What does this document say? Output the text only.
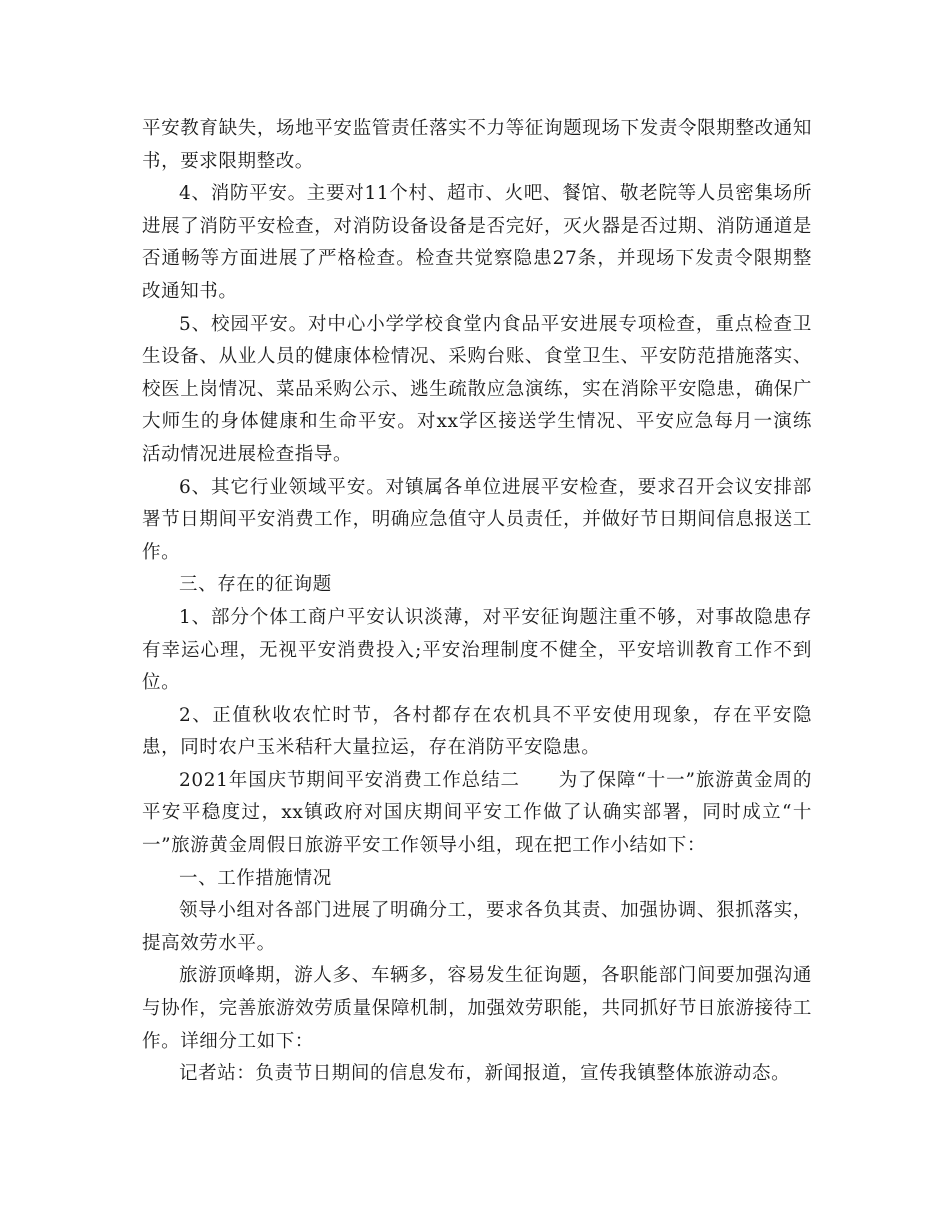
平安教育缺失，场地平安监管责任落实不力等征询题现场下发责令限期整改通知书，要求限期整改。

4、消防平安。主要对11个村、超市、火吧、餐馆、敬老院等人员密集场所进展了消防平安检查，对消防设备设备是否完好，灭火器是否过期、消防通道是否通畅等方面进展了严格检查。检查共觉察隐患27条，并现场下发责令限期整改通知书。

5、校园平安。对中心小学学校食堂内食品平安进展专项检查，重点检查卫生设备、从业人员的健康体检情况、采购台账、食堂卫生、平安防范措施落实、校医上岗情况、菜品采购公示、逃生疏散应急演练，实在消除平安隐患，确保广大师生的身体健康和生命平安。对xx学区接送学生情况、平安应急每月一演练活动情况进展检查指导。

6、其它行业领域平安。对镇属各单位进展平安检查，要求召开会议安排部署节日期间平安消费工作，明确应急值守人员责任，并做好节日期间信息报送工作。

三、存在的征询题

1、部分个体工商户平安认识淡薄，对平安征询题注重不够，对事故隐患存有幸运心理，无视平安消费投入;平安治理制度不健全，平安培训教育工作不到位。

2、正值秋收农忙时节，各村都存在农机具不平安使用现象，存在平安隐患，同时农户玉米秸秆大量拉运，存在消防平安隐患。

2021年国庆节期间平安消费工作总结二　　为了保障“十一”旅游黄金周的平安平稳度过，xx镇政府对国庆期间平安工作做了认确实部署，同时成立“十一”旅游黄金周假日旅游平安工作领导小组，现在把工作小结如下：

一、工作措施情况

领导小组对各部门进展了明确分工，要求各负其责、加强协调、狠抓落实，提高效劳水平。

旅游顶峰期，游人多、车辆多，容易发生征询题，各职能部门间要加强沟通与协作，完善旅游效劳质量保障机制，加强效劳职能，共同抓好节日旅游接待工作。详细分工如下：

记者站：负责节日期间的信息发布，新闻报道，宣传我镇整体旅游动态。
